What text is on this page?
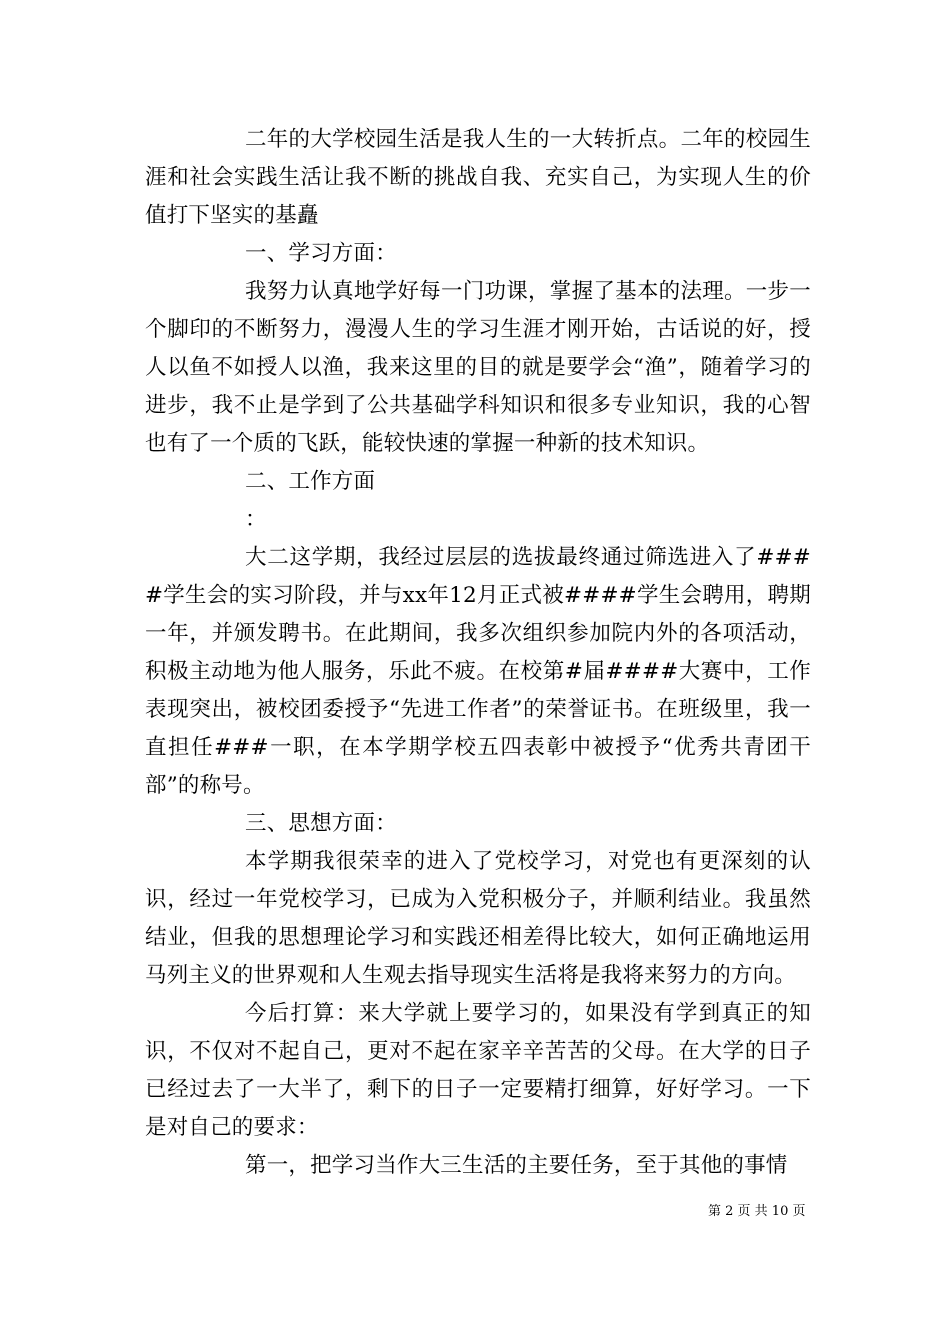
二年的大学校园生活是我人生的一大转折点。二年的校园生涯和社会实践生活让我不断的挑战自我、充实自己，为实现人生的价值打下坚实的基矗

一、学习方面：

我努力认真地学好每一门功课，掌握了基本的法理。一步一个脚印的不断努力，漫漫人生的学习生涯才刚开始，古话说的好，授人以鱼不如授人以渔，我来这里的目的就是要学会“渔”，随着学习的进步，我不止是学到了公共基础学科知识和很多专业知识，我的心智也有了一个质的飞跃，能较快速的掌握一种新的技术知识。

二、工作方面

：

大二这学期，我经过层层的选拔最终通过筛选进入了####学生会的实习阶段，并与xx年12月正式被####学生会聘用，聘期一年，并颁发聘书。在此期间，我多次组织参加院内外的各项活动，积极主动地为他人服务，乐此不疲。在校第#届####大赛中，工作表现突出，被校团委授予“先进工作者”的荣誉证书。在班级里，我一直担任###一职，在本学期学校五四表彰中被授予“优秀共青团干部”的称号。

三、思想方面：

本学期我很荣幸的进入了党校学习，对党也有更深刻的认识，经过一年党校学习，已成为入党积极分子，并顺利结业。我虽然结业，但我的思想理论学习和实践还相差得比较大，如何正确地运用马列主义的世界观和人生观去指导现实生活将是我将来努力的方向。

今后打算：来大学就上要学习的，如果没有学到真正的知识，不仅对不起自己，更对不起在家辛辛苦苦的父母。在大学的日子已经过去了一大半了，剩下的日子一定要精打细算，好好学习。一下是对自己的要求：

第一，把学习当作大三生活的主要任务，至于其他的事情

第 2 页 共 10 页
